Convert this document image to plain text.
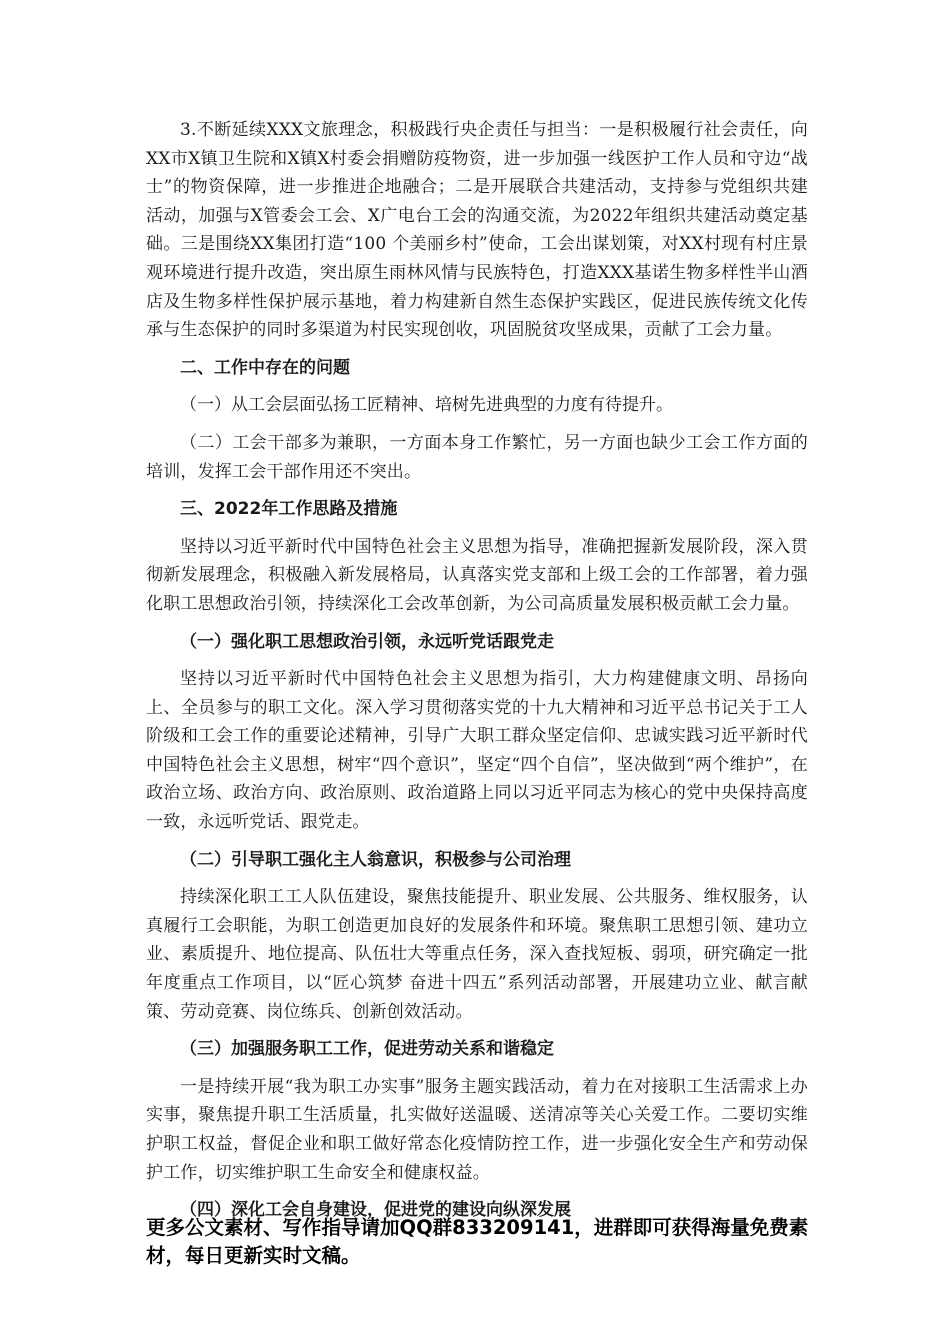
3.不断延续XXX文旅理念，积极践行央企责任与担当：一是积极履行社会责任，向XX市X镇卫生院和X镇X村委会捐赠防疫物资，进一步加强一线医护工作人员和守边“战士”的物资保障，进一步推进企地融合；二是开展联合共建活动，支持参与党组织共建活动，加强与X管委会工会、X广电台工会的沟通交流，为2022年组织共建活动奠定基础。三是围绕XX集团打造“100 个美丽乡村”使命，工会出谋划策，对XX村现有村庄景观环境进行提升改造，突出原生雨林风情与民族特色，打造XXX基诺生物多样性半山酒店及生物多样性保护展示基地，着力构建新自然生态保护实践区，促进民族传统文化传承与生态保护的同时多渠道为村民实现创收，巩固脱贫攻坚成果，贡献了工会力量。

二、工作中存在的问题

（一）从工会层面弘扬工匠精神、培树先进典型的力度有待提升。

（二）工会干部多为兼职，一方面本身工作繁忙，另一方面也缺少工会工作方面的培训，发挥工会干部作用还不突出。

三、2022年工作思路及措施

坚持以习近平新时代中国特色社会主义思想为指导，准确把握新发展阶段，深入贯彻新发展理念，积极融入新发展格局，认真落实党支部和上级工会的工作部署，着力强化职工思想政治引领，持续深化工会改革创新，为公司高质量发展积极贡献工会力量。

（一）强化职工思想政治引领，永远听党话跟党走

坚持以习近平新时代中国特色社会主义思想为指引，大力构建健康文明、昂扬向上、全员参与的职工文化。深入学习贯彻落实党的十九大精神和习近平总书记关于工人阶级和工会工作的重要论述精神，引导广大职工群众坚定信仰、忠诚实践习近平新时代中国特色社会主义思想，树牢“四个意识”，坚定“四个自信”，坚决做到“两个维护”，在政治立场、政治方向、政治原则、政治道路上同以习近平同志为核心的党中央保持高度一致，永远听党话、跟党走。

（二）引导职工强化主人翁意识，积极参与公司治理

持续深化职工工人队伍建设，聚焦技能提升、职业发展、公共服务、维权服务，认真履行工会职能，为职工创造更加良好的发展条件和环境。聚焦职工思想引领、建功立业、素质提升、地位提高、队伍壮大等重点任务，深入查找短板、弱项，研究确定一批年度重点工作项目，以“匠心筑梦 奋进十四五”系列活动部署，开展建功立业、献言献策、劳动竞赛、岗位练兵、创新创效活动。

（三）加强服务职工工作，促进劳动关系和谐稳定

一是持续开展“我为职工办实事”服务主题实践活动，着力在对接职工生活需求上办实事，聚焦提升职工生活质量，扎实做好送温暖、送清凉等关心关爱工作。二要切实维护职工权益，督促企业和职工做好常态化疫情防控工作，进一步强化安全生产和劳动保护工作，切实维护职工生命安全和健康权益。

（四）深化工会自身建设，促进党的建设向纵深发展

更多公文素材、写作指导请加QQ群833209141，进群即可获得海量免费素材，每日更新实时文稿。
